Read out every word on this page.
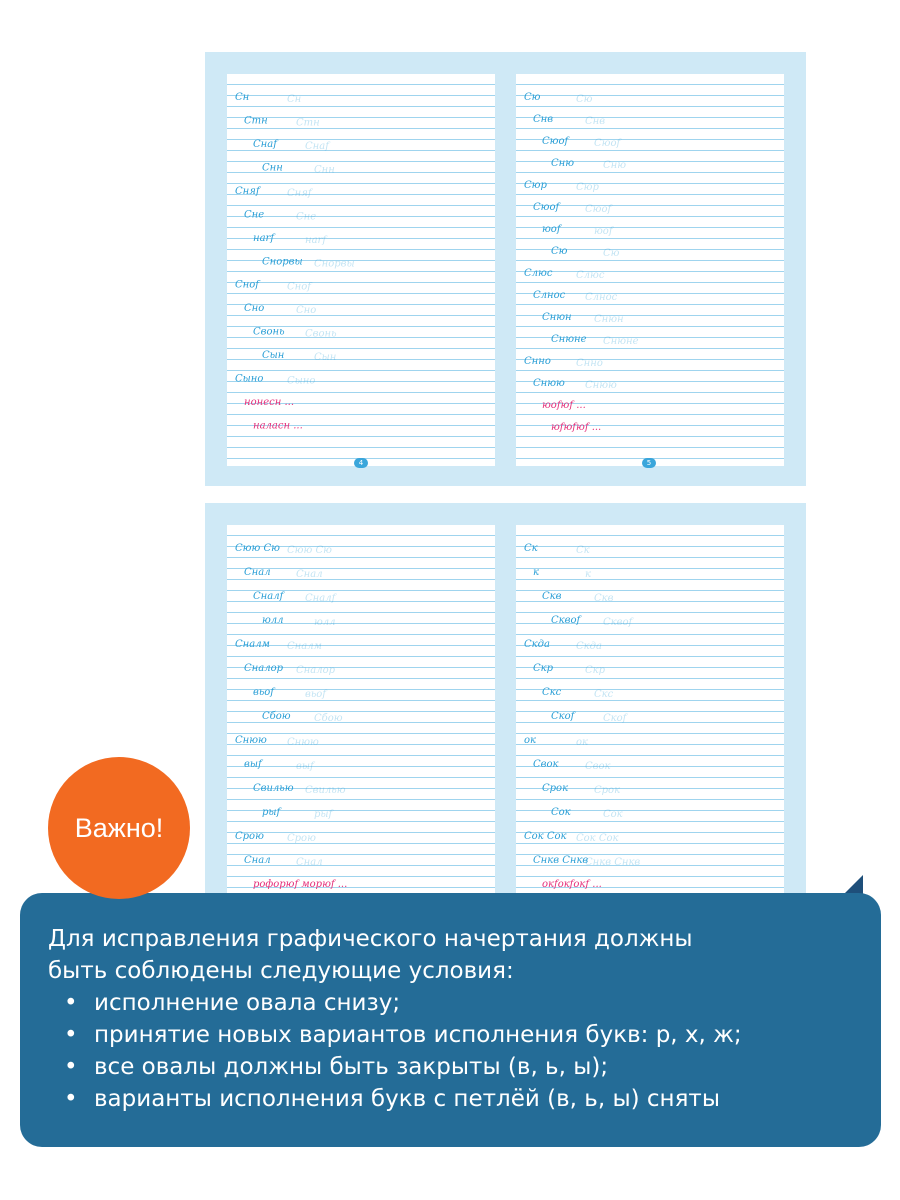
Сн	Сн
Стн	Стн
Снаf	Снаf
Снн	Снн
Сняf	Сняf
Сне	Сне
нarf	нarf
Снорвы Снорвы
Сноf	Сноf
Сно	Сно
Свонь Свонь
Сын	Сын
Сыно Сыно
нонесн ...
наласн ...
Сю	Сю
Снв	Снв
Сюоf	Сюоf
Сню	Сню
Сюр	Сюр
Сюоf	Сюоf
юоf	юоf
Сю	Сю
Слюс Слюс
Слнос Слнос
Снюн Снюн
Снюне Снюне
Снно	Снно
Снюю Снюю
юоfюf ...
юfюfюf ...
4	5
Сюю Сю Сюю Сю
Снал	Снал
Сналf Сналf
юлл	юлл
Сналм Сналм
Сналор Сналор
вьоf	вьоf
Сбою Сбою
Снюю Снюю
выf	выf
Свилью Свилью
рыf	рыf
Срою Срою
Снал	Снал
рофорюf морюf ...
Ск	Ск
к	к
Скв	Скв
Сквоf Сквоf
Скда	Скда
Скр	Скр
Скс	Скс
Скоf	Скоf
ок	ок
Свок	Свок
Срок	Срок
Сок	Сок
Сок Сок Сок Сок
Снкв Снкв
Снкв Снкв
окfокfокf ...
Важно!
Для исправления графического начертания должны
быть соблюдены следующие условия:
• исполнение овала снизу;
• принятие новых вариантов исполнения букв: р, х, ж;
• все овалы должны быть закрыты (в, ь, ы);
• варианты исполнения букв с петлёй (в, ь, ы) сняты
